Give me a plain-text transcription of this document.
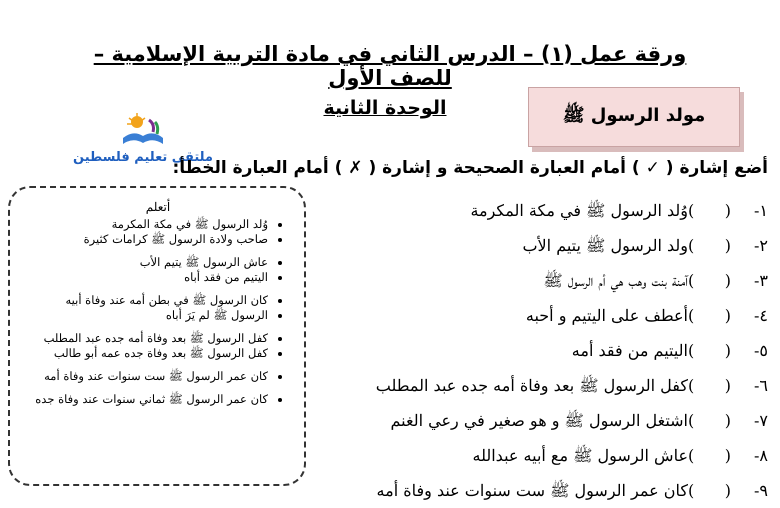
ورقة عمل (١) – الدرس الثاني في مادة التربية الإسلامية – للصف الأول
مولد الرسول ﷺ
الوحدة الثانية
ملتقى تعليم فلسطين
أضع إشارة ( ✓ ) أمام العبارة الصحيحة و إشارة ( ✗ ) أمام العبارة الخطأ:
أتعلم
• وُلد الرسول ﷺ في مكة المكرمة
• صاحب ولادة الرسول ﷺ كرامات كثيرة
• عاش الرسول ﷺ يتيم الأب
• اليتيم من فقد أباه
• كان الرسول ﷺ في بطن أمه عند وفاة أبيه
• الرسول ﷺ لم يَرَ أباه
• كفل الرسول ﷺ بعد وفاة أمه جده عبد المطلب
• كفل الرسول ﷺ بعد وفاة جده عمه أبو طالب
• كان عمر الرسول ﷺ ست سنوات عند وفاة أمه
• كان عمر الرسول ﷺ ثماني سنوات عند وفاة جده
١-(      )وُلد الرسول ﷺ في مكة المكرمة
٢-(      )ولد الرسول ﷺ يتيم الأب
٣-(      )آمنة بنت وهب هي أم الرسول ﷺ
٤-(      )أعطف على اليتيم و أحبه
٥-(      )اليتيم من فقد أمه
٦-(      )كفل الرسول ﷺ بعد وفاة أمه جده عبد المطلب
٧-(      )اشتغل الرسول ﷺ و هو صغير في رعي الغنم
٨-(      )عاش الرسول ﷺ مع أبيه عبدالله
٩-(      )كان عمر الرسول ﷺ ست سنوات عند وفاة أمه
